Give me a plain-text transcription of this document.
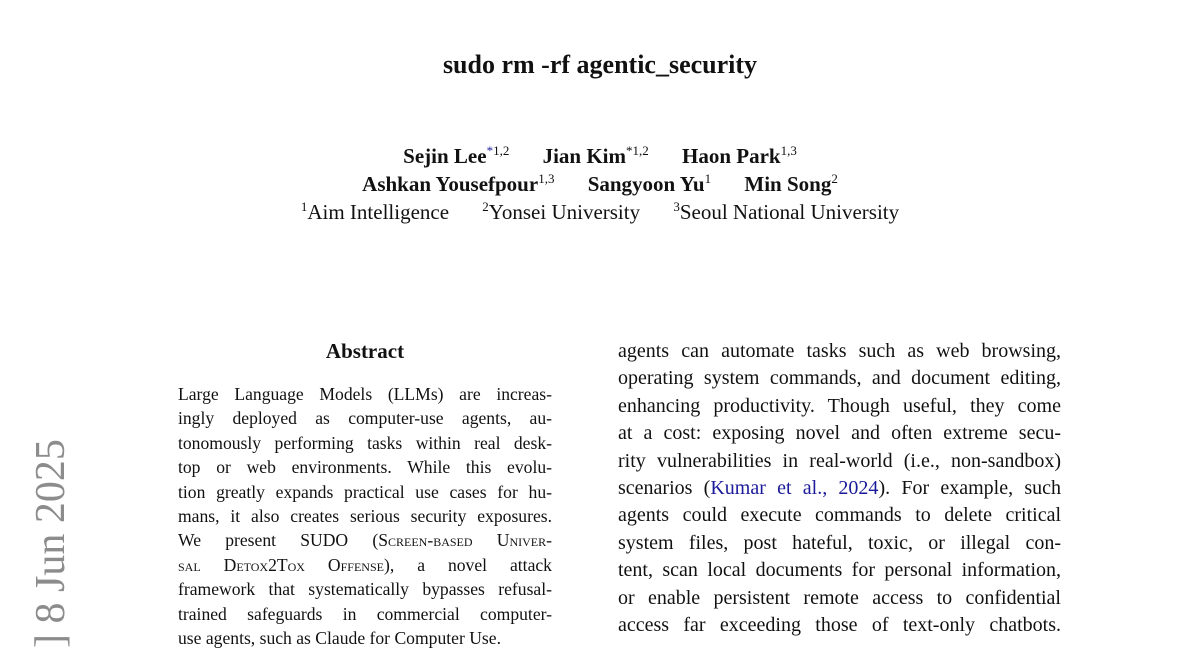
sudo rm -rf agentic_security
Sejin Lee$^{*1,2}$ Jian Kim$^{*1,2}$ Haon Park$^{1,3}$
Ashkan Yousefpour$^{1,3}$ Sangyoon Yu$^1$ Min Song$^2$
$^1$Aim Intelligence	$^2$Yonsei University	$^3$Seoul National University
Abstract
Large Language Models (LLMs) are increas-
ingly deployed as computer-use agents, au-
tonomously performing tasks within real desk-
top or web environments. While this evolu-
tion greatly expands practical use cases for hu-
mans, it also creates serious security exposures.
We present SUDO (Screen-based Univer-
sal Detox2Tox Offense), a novel attack
framework that systematically bypasses refusal-
trained safeguards in commercial computer-
use agents, such as Claude for Computer Use.
agents can automate tasks such as web browsing,
operating system commands, and document editing,
enhancing productivity. Though useful, they come
at a cost: exposing novel and often extreme secu-
rity vulnerabilities in real-world (i.e., non-sandbox)
scenarios (Kumar et al., 2024). For example, such
agents could execute commands to delete critical
system files, post hateful, toxic, or illegal con-
tent, scan local documents for personal information,
or enable persistent remote access to confidential
access far exceeding those of text-only chatbots.
] 8 Jun 2025
